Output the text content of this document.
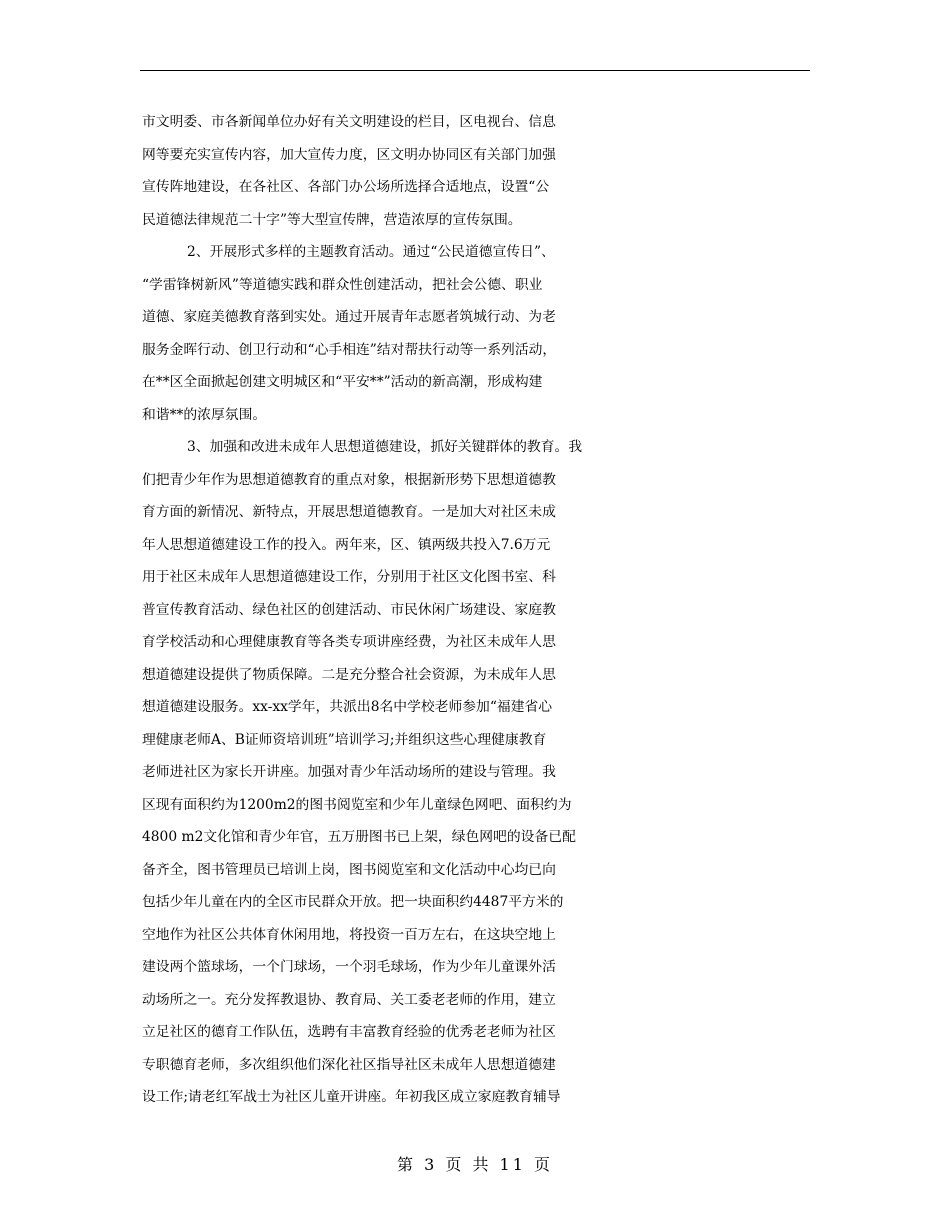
市文明委、市各新闻单位办好有关文明建设的栏目，区电视台、信息
网等要充实宣传内容，加大宣传力度，区文明办协同区有关部门加强
宣传阵地建设，在各社区、各部门办公场所选择合适地点，设置“公
民道德法律规范二十字”等大型宣传牌，营造浓厚的宣传氛围。
2、开展形式多样的主题教育活动。通过“公民道德宣传日”、
“学雷锋树新风”等道德实践和群众性创建活动，把社会公德、职业
道德、家庭美德教育落到实处。通过开展青年志愿者筑城行动、为老
服务金晖行动、创卫行动和“心手相连”结对帮扶行动等一系列活动，
在**区全面掀起创建文明城区和“平安**”活动的新高潮，形成构建
和谐**的浓厚氛围。
3、加强和改进未成年人思想道德建设，抓好关键群体的教育。我
们把青少年作为思想道德教育的重点对象，根据新形势下思想道德教
育方面的新情况、新特点，开展思想道德教育。一是加大对社区未成
年人思想道德建设工作的投入。两年来，区、镇两级共投入7.6万元
用于社区未成年人思想道德建设工作，分别用于社区文化图书室、科
普宣传教育活动、绿色社区的创建活动、市民休闲广场建设、家庭教
育学校活动和心理健康教育等各类专项讲座经费，为社区未成年人思
想道德建设提供了物质保障。二是充分整合社会资源，为未成年人思
想道德建设服务。xx-xx学年，共派出8名中学校老师参加“福建省心
理健康老师A、B证师资培训班”培训学习;并组织这些心理健康教育
老师进社区为家长开讲座。加强对青少年活动场所的建设与管理。我
区现有面积约为1200m2的图书阅览室和少年儿童绿色网吧、面积约为
4800 m2文化馆和青少年官，五万册图书已上架，绿色网吧的设备已配
备齐全，图书管理员已培训上岗，图书阅览室和文化活动中心均已向
包括少年儿童在内的全区市民群众开放。把一块面积约4487平方米的
空地作为社区公共体育休闲用地，将投资一百万左右，在这块空地上
建设两个篮球场，一个门球场，一个羽毛球场，作为少年儿童课外活
动场所之一。充分发挥教退协、教育局、关工委老老师的作用，建立
立足社区的德育工作队伍，选聘有丰富教育经验的优秀老老师为社区
专职德育老师，多次组织他们深化社区指导社区未成年人思想道德建
设工作;请老红军战士为社区儿童开讲座。年初我区成立家庭教育辅导
第 3 页 共 11 页
